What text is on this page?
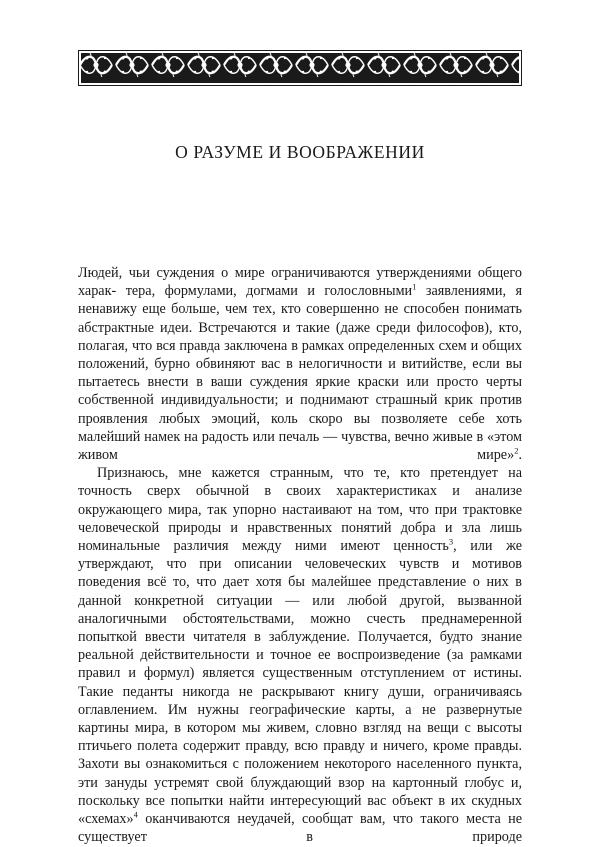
О РАЗУМЕ И ВООБРАЖЕНИИ

Людей, чьи суждения о мире ограничиваются утверждениями общего харак- тера, формулами, догмами и голословными$^1$ заявлениями, я ненавижу еще больше, чем тех, кто совершенно не способен понимать абстрактные идеи. Встречаются и такие (даже среди философов), кто, полагая, что вся правда заключена в рамках определенных схем и общих положений, бурно обвиняют вас в нелогичности и витийстве, если вы пытаетесь внести в ваши суждения яркие краски или просто черты собственной индивидуальности; и поднимают страшный крик против проявления любых эмоций, коль скоро вы позволяете себе хоть малейший намек на радость или печаль — чувства, вечно живые в «этом живом мире»$^2$.

Признаюсь, мне кажется странным, что те, кто претендует на точность сверх обычной в своих характеристиках и анализе окружающего мира, так упорно настаивают на том, что при трактовке человеческой природы и нравственных понятий добра и зла лишь номинальные различия между ними имеют ценность$^3$, или же утверждают, что при описании человеческих чувств и мотивов поведения всё то, что дает хотя бы малейшее представление о них в данной конкретной ситуации — или любой другой, вызванной аналогичными обстоятельствами, можно счесть преднамеренной попыткой ввести читателя в заблуждение. Получается, будто знание реальной действительности и точное ее воспроизведение (за рамками правил и формул) является существенным отступлением от истины. Такие педанты никогда не раскрывают книгу души, ограничиваясь оглавлением. Им нужны географические карты, а не развернутые картины мира, в котором мы живем, словно взгляд на вещи с высоты птичьего полета содержит правду, всю правду и ничего, кроме правды. Захоти вы ознакомиться с положением некоторого населенного пункта, эти зануды устремят свой блуждающий взор на картонный глобус и, поскольку все попытки найти интересующий вас объект в их скудных «схемах»$^4$ оканчиваются неудачей, сообщат вам, что такого места не существует в природе
